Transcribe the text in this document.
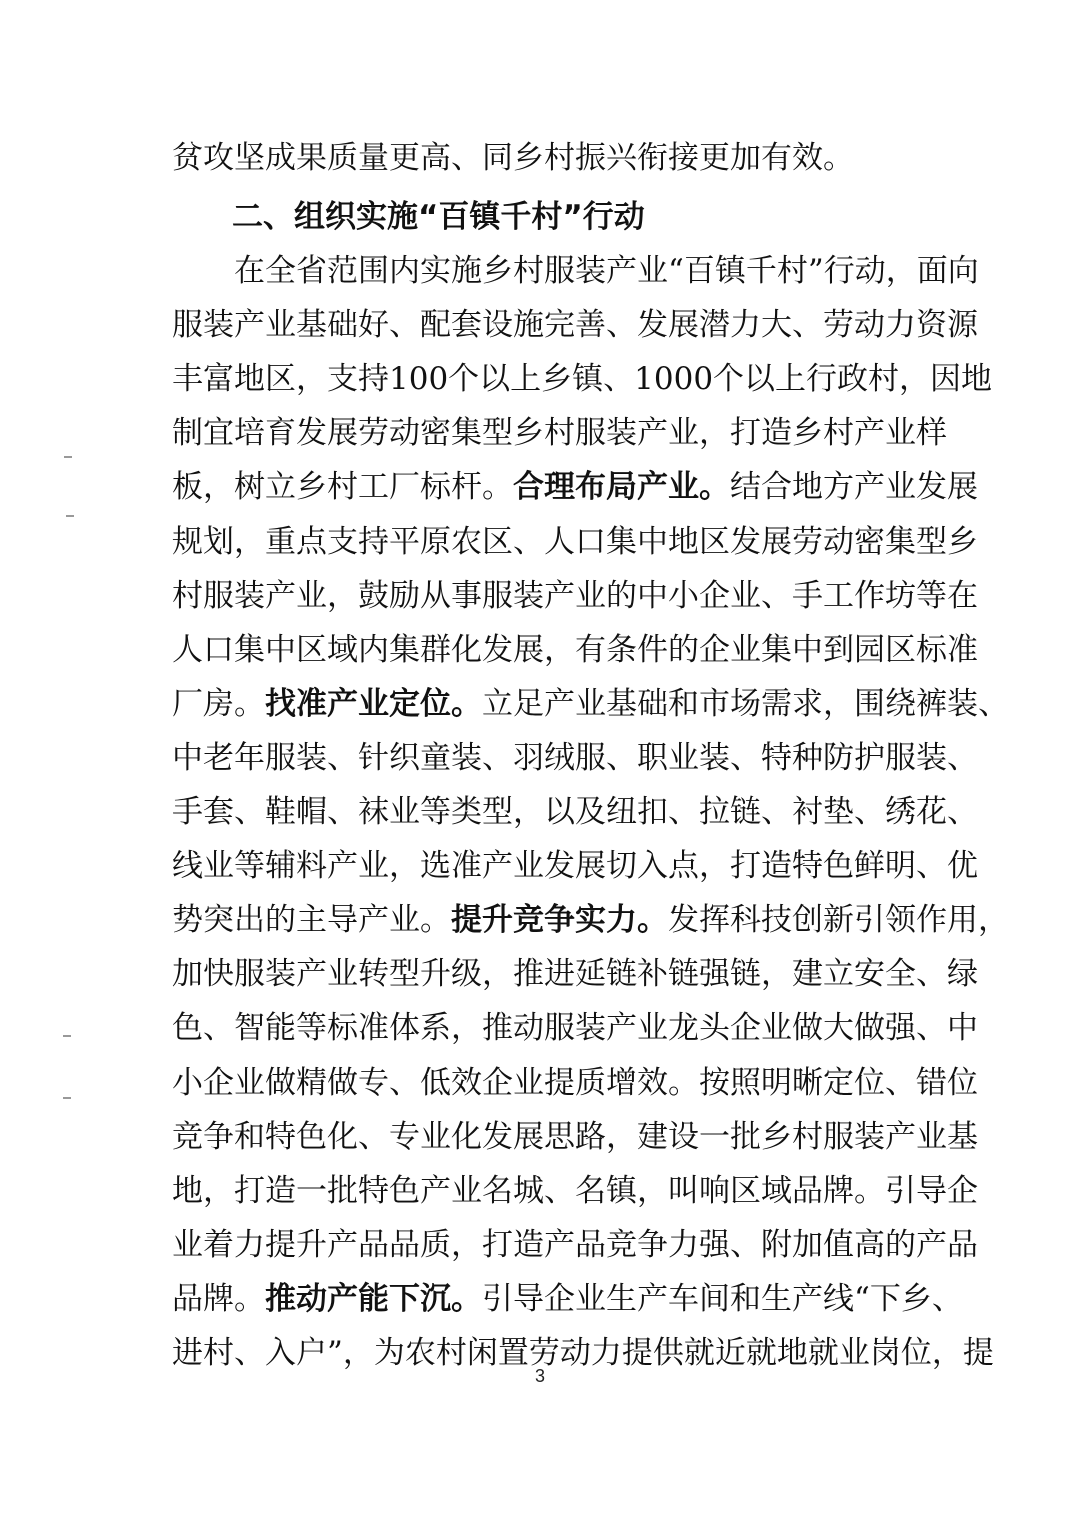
贫攻坚成果质量更高、同乡村振兴衔接更加有效。
二、组织实施“百镇千村”行动
在全省范围内实施乡村服装产业“百镇千村”行动，面向
服装产业基础好、配套设施完善、发展潜力大、劳动力资源
丰富地区，支持100个以上乡镇、1000个以上行政村，因地
制宜培育发展劳动密集型乡村服装产业，打造乡村产业样
板，树立乡村工厂标杆。合理布局产业。结合地方产业发展
规划，重点支持平原农区、人口集中地区发展劳动密集型乡
村服装产业，鼓励从事服装产业的中小企业、手工作坊等在
人口集中区域内集群化发展，有条件的企业集中到园区标准
厂房。找准产业定位。立足产业基础和市场需求，围绕裤装、
中老年服装、针织童装、羽绒服、职业装、特种防护服装、
手套、鞋帽、袜业等类型，以及纽扣、拉链、衬垫、绣花、
线业等辅料产业，选准产业发展切入点，打造特色鲜明、优
势突出的主导产业。提升竞争实力。发挥科技创新引领作用，
加快服装产业转型升级，推进延链补链强链，建立安全、绿
色、智能等标准体系，推动服装产业龙头企业做大做强、中
小企业做精做专、低效企业提质增效。按照明晰定位、错位
竞争和特色化、专业化发展思路，建设一批乡村服装产业基
地，打造一批特色产业名城、名镇，叫响区域品牌。引导企
业着力提升产品品质，打造产品竞争力强、附加值高的产品
品牌。推动产能下沉。引导企业生产车间和生产线“下乡、
进村、入户”，为农村闲置劳动力提供就近就地就业岗位，提
3
